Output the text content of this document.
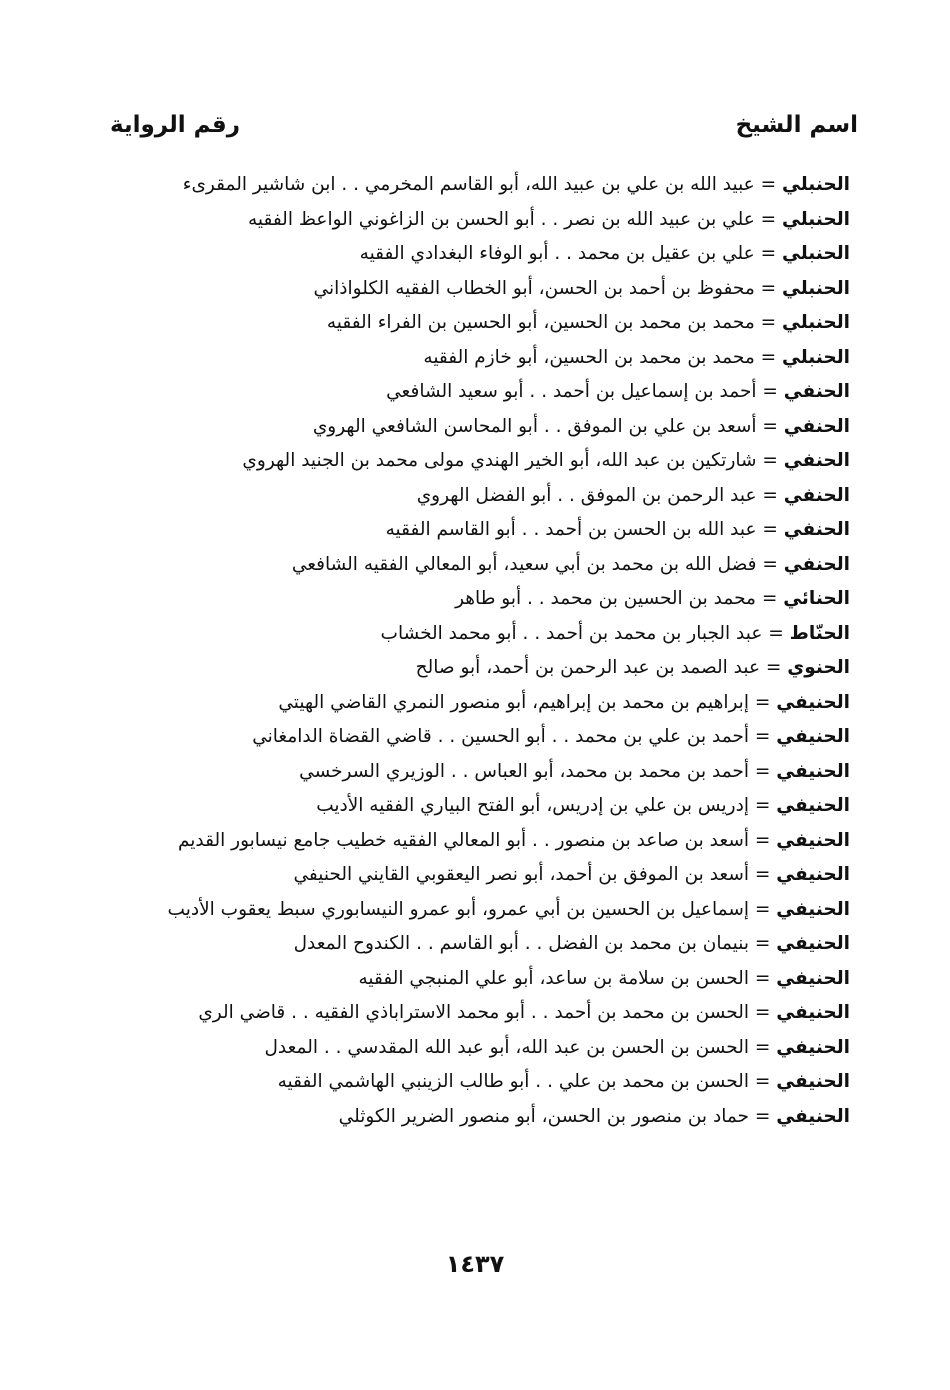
اسم الشيخ
رقم الرواية
الحنبلي = عبيد الله بن علي بن عبيد الله، أبو القاسم المخرمي . . ابن شاشير المقرىء
الحنبلي = علي بن عبيد الله بن نصر . . أبو الحسن بن الزاغوني الواعظ الفقيه
الحنبلي = علي بن عقيل بن محمد . . أبو الوفاء البغدادي الفقيه
الحنبلي = محفوظ بن أحمد بن الحسن، أبو الخطاب الفقيه الكلواذاني
الحنبلي = محمد بن محمد بن الحسين، أبو الحسين بن الفراء الفقيه
الحنبلي = محمد بن محمد بن الحسين، أبو خازم الفقيه
الحنفي = أحمد بن إسماعيل بن أحمد . . أبو سعيد الشافعي
الحنفي = أسعد بن علي بن الموفق . . أبو المحاسن الشافعي الهروي
الحنفي = شارتكين بن عبد الله، أبو الخير الهندي مولى محمد بن الجنيد الهروي
الحنفي = عبد الرحمن بن الموفق . . أبو الفضل الهروي
الحنفي = عبد الله بن الحسن بن أحمد . . أبو القاسم الفقيه
الحنفي = فضل الله بن محمد بن أبي سعيد، أبو المعالي الفقيه الشافعي
الحنائي = محمد بن الحسين بن محمد . . أبو طاهر
الحنّاط = عبد الجبار بن محمد بن أحمد . . أبو محمد الخشاب
الحنوي = عبد الصمد بن عبد الرحمن بن أحمد، أبو صالح
الحنيفي = إبراهيم بن محمد بن إبراهيم، أبو منصور النمري القاضي الهيتي
الحنيفي = أحمد بن علي بن محمد . . أبو الحسين . . قاضي القضاة الدامغاني
الحنيفي = أحمد بن محمد بن محمد، أبو العباس . . الوزيري السرخسي
الحنيفي = إدريس بن علي بن إدريس، أبو الفتح البياري الفقيه الأديب
الحنيفي = أسعد بن صاعد بن منصور . . أبو المعالي الفقيه خطيب جامع نيسابور القديم
الحنيفي = أسعد بن الموفق بن أحمد، أبو نصر اليعقوبي القايني الحنيفي
الحنيفي = إسماعيل بن الحسين بن أبي عمرو، أبو عمرو النيسابوري سبط يعقوب الأديب
الحنيفي = بنيمان بن محمد بن الفضل . . أبو القاسم . . الكندوح المعدل
الحنيفي = الحسن بن سلامة بن ساعد، أبو علي المنبجي الفقيه
الحنيفي = الحسن بن محمد بن أحمد . . أبو محمد الاستراباذي الفقيه . . قاضي الري
الحنيفي = الحسن بن الحسن بن عبد الله، أبو عبد الله المقدسي . . المعدل
الحنيفي = الحسن بن محمد بن علي . . أبو طالب الزينبي الهاشمي الفقيه
الحنيفي = حماد بن منصور بن الحسن، أبو منصور الضرير الكوثلي
١٤٣٧
